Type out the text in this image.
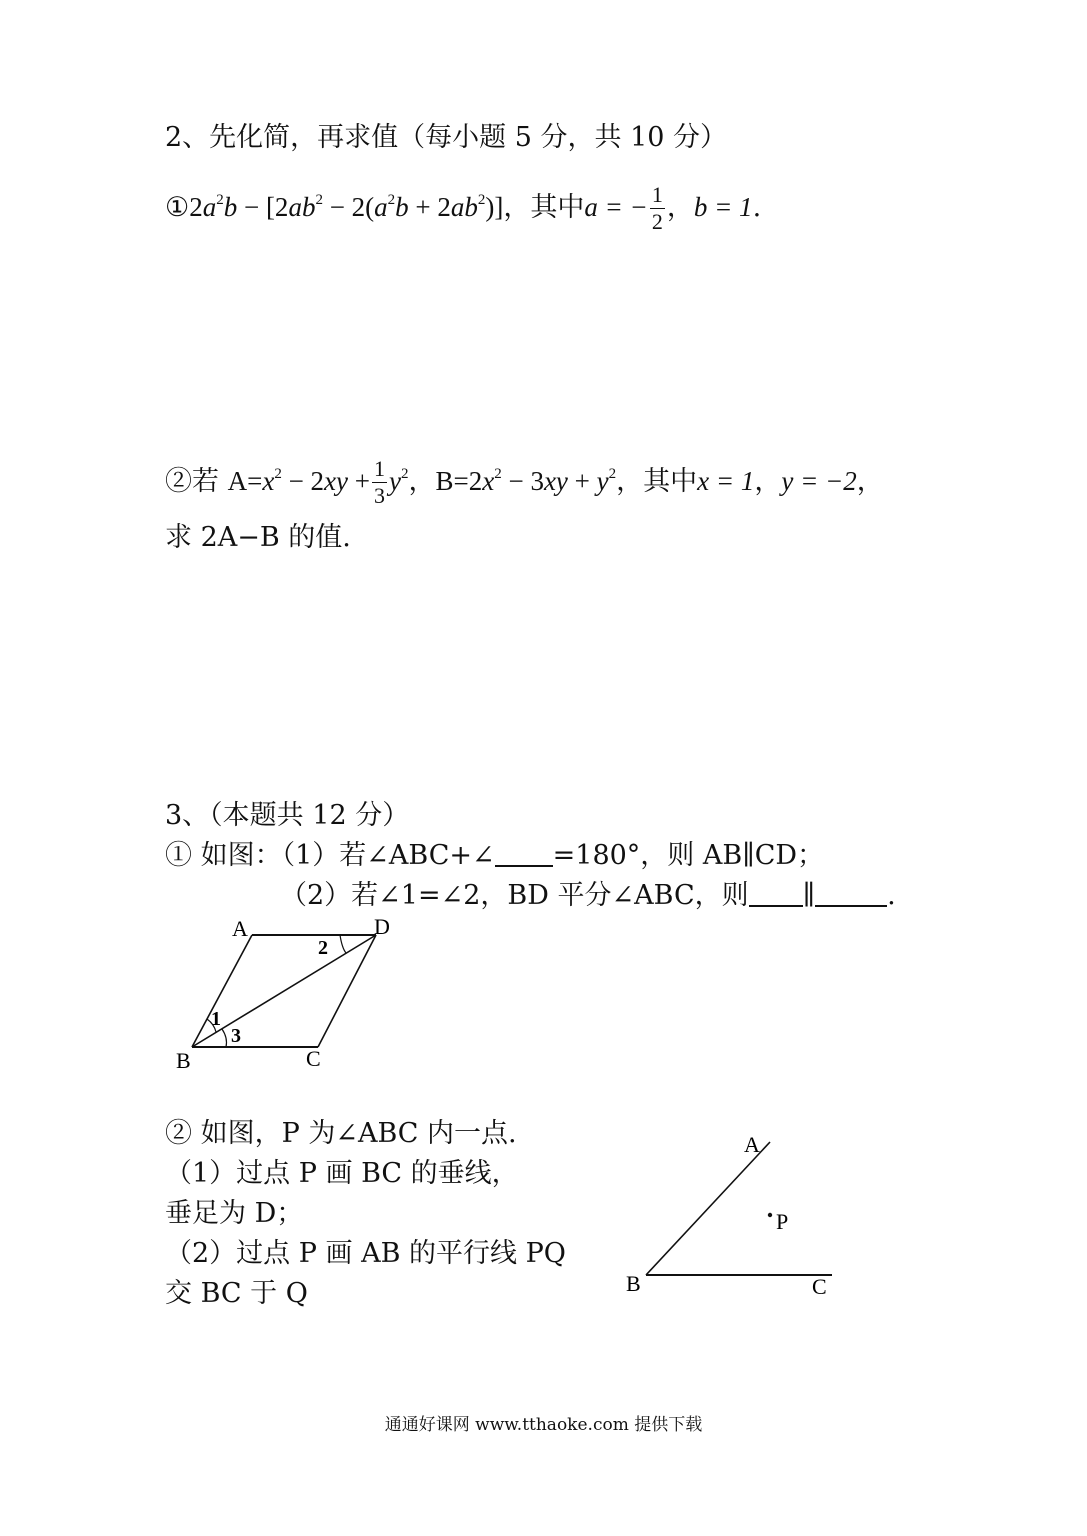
2、先化简，再求值（每小题 5 分，共 10 分）
$①2a^2b - [2ab^2 - 2(a^2b + 2ab^2)]$，其中a = − $\frac{1}{2}$ ，b = 1.
②若 $A=x^2 - 2xy + \frac{1}{3} y^2$，$B=2x^2 - 3xy + y^2$，其中x = 1，y = −2，
求 2A−B 的值.
3、（本题共 12 分）
① 如图：（1）若∠ABC+∠ =180°，则 AB∥CD；
（2）若∠1=∠2，BD 平分∠ABC，则 ∥	.
A	D
B	C
2
1
3
② 如图，P 为∠ABC 内一点.
（1）过点 P 画 BC 的垂线，
垂足为 D；
（2）过点 P 画 AB 的平行线 PQ
交 BC 于 Q
A
P
B	C
通通好课网 www.tthaoke.com 提供下载
